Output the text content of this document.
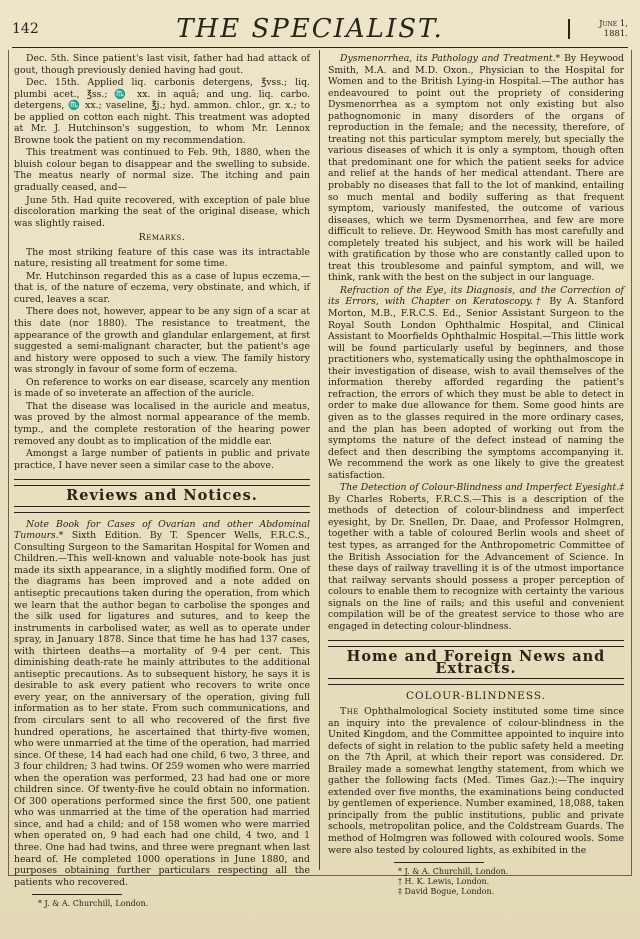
142	THE SPECIALIST.	June 1,
1881.

Dec. 5th. Since patient's last visit, father had had attack of gout, though previously denied having had gout.

Dec. 15th. Applied liq. carbonis detergens, ℥vss.; liq. plumbi acet., ℥ss.; ♏ xx. in aquâ; and ung. liq. carbo. detergens, ♏ xx.; vaseline, ℥j.; hyd. ammon. chlor., gr. x.; to be applied on cotton each night. This treatment was adopted at Mr. J. Hutchinson's suggestion, to whom Mr. Lennox Browne took the patient on my recommendation.

This treatment was continued to Feb. 9th, 1880, when the bluish colour began to disappear and the swelling to subside. The meatus nearly of normal size. The itching and pain gradually ceased, and—

June 5th. Had quite recovered, with exception of pale blue discoloration marking the seat of the original disease, which was slightly raised.

Remarks.

The most striking feature of this case was its intractable nature, resisting all treatment for some time.

Mr. Hutchinson regarded this as a case of lupus eczema,—that is, of the nature of eczema, very obstinate, and which, if cured, leaves a scar.

There does not, however, appear to be any sign of a scar at this date (nor 1880). The resistance to treatment, the appearance of the growth and glandular enlargement, at first suggested a semi-malignant character, but the patient's age and history were opposed to such a view. The family history was strongly in favour of some form of eczema.

On reference to works on ear disease, scarcely any mention is made of so inveterate an affection of the auricle.

That the disease was localised in the auricle and meatus, was proved by the almost normal appearance of the memb. tymp., and the complete restoration of the hearing power removed any doubt as to implication of the middle ear.

Amongst a large number of patients in public and private practice, I have never seen a similar case to the above.

Reviews and Notices.

Note Book for Cases of Ovarian and other Abdominal Tumours.* Sixth Edition. By T. Spencer Wells, F.R.C.S., Consulting Surgeon to the Samaritan Hospital for Women and Children.—This well-known and valuable note-book has just made its sixth appearance, in a slightly modified form. One of the diagrams has been improved and a note added on antiseptic precautions taken during the operation, from which we learn that the author began to carbolise the sponges and the silk used for ligatures and sutures, and to keep the instruments in carbolised water, as well as to operate under spray, in January 1878. Since that time he has had 137 cases, with thirteen deaths—a mortality of 9·4 per cent. This diminishing death-rate he mainly attributes to the additional antiseptic precautions. As to subsequent history, he says it is desirable to ask every patient who recovers to write once every year, on the anniversary of the operation, giving full information as to her state. From such communications, and from circulars sent to all who recovered of the first five hundred operations, he ascertained that thirty-five women, who were unmarried at the time of the operation, had married since. Of these, 14 had each had one child, 6 two, 3 three, and 3 four children; 3 had twins. Of 259 women who were married when the operation was performed, 23 had had one or more children since. Of twenty-five he could obtain no information. Of 300 operations performed since the first 500, one patient who was unmarried at the time of the operation had married since, and had a child; and of 158 women who were married when operated on, 9 had each had one child, 4 two, and 1 three. One had had twins, and three were pregnant when last heard of. He completed 1000 operations in June 1880, and purposes obtaining further particulars respecting all the patients who recovered.

* J. & A. Churchill, London.

Dysmenorrhea, its Pathology and Treatment.* By Heywood Smith, M.A. and M.D. Oxon., Physician to the Hospital for Women and to the British Lying-in Hospital.—The author has endeavoured to point out the propriety of considering Dysmenorrhea as a symptom not only existing but also pathognomonic in many disorders of the organs of reproduction in the female; and the necessity, therefore, of treating not this particular symptom merely, but specially the various diseases of which it is only a symptom, though often that predominant one for which the patient seeks for advice and relief at the hands of her medical attendant. There are probably no diseases that fall to the lot of mankind, entailing so much mental and bodily suffering as that frequent symptom, variously manifested, the outcome of various diseases, which we term Dysmenorrhea, and few are more difficult to relieve. Dr. Heywood Smith has most carefully and completely treated his subject, and his work will be hailed with gratification by those who are constantly called upon to treat this troublesome and painful symptom, and will, we think, rank with the best on the subject in our language.

Refraction of the Eye, its Diagnosis, and the Correction of its Errors, with Chapter on Keratoscopy.† By A. Stanford Morton, M.B., F.R.C.S. Ed., Senior Assistant Surgeon to the Royal South London Ophthalmic Hospital, and Clinical Assistant to Moorfields Ophthalmic Hospital.—This little work will be found particularly useful by beginners, and those practitioners who, systematically using the ophthalmoscope in their investigation of disease, wish to avail themselves of the information thereby afforded regarding the patient's refraction, the errors of which they must be able to detect in order to make due allowance for them. Some good hints are given as to the glasses required in the more ordinary cases, and the plan has been adopted of working out from the symptoms the nature of the defect instead of naming the defect and then describing the symptoms accompanying it. We recommend the work as one likely to give the greatest satisfaction.

The Detection of Colour-Blindness and Imperfect Eyesight.‡ By Charles Roberts, F.R.C.S.—This is a description of the methods of detection of colour-blindness and imperfect eyesight, by Dr. Snellen, Dr. Daae, and Professor Holmgren, together with a table of coloured Berlin wools and sheet of test types, as arranged for the Anthropometric Committee of the British Association for the Advancement of Science. In these days of railway travelling it is of the utmost importance that railway servants should possess a proper perception of colours to enable them to recognize with certainty the various signals on the line of rails; and this useful and convenient compilation will be of the greatest service to those who are engaged in detecting colour-blindness.

Home and Foreign News and Extracts.
COLOUR-BLINDNESS.

The Ophthalmological Society instituted some time since an inquiry into the prevalence of colour-blindness in the United Kingdom, and the Committee appointed to inquire into defects of sight in relation to the public safety held a meeting on the 7th April, at which their report was considered. Dr. Brailey made a somewhat lengthy statement, from which we gather the following facts (Med. Times Gaz.):—The inquiry extended over five months, the examinations being conducted by gentlemen of experience. Number examined, 18,088, taken principally from the public institutions, public and private schools, metropolitan police, and the Coldstream Guards. The method of Holmgren was followed with coloured wools. Some were also tested by coloured lights, as exhibited in the

* J. & A. Churchill, London.
† H. K. Lewis, London.
‡ David Bogue, London.
